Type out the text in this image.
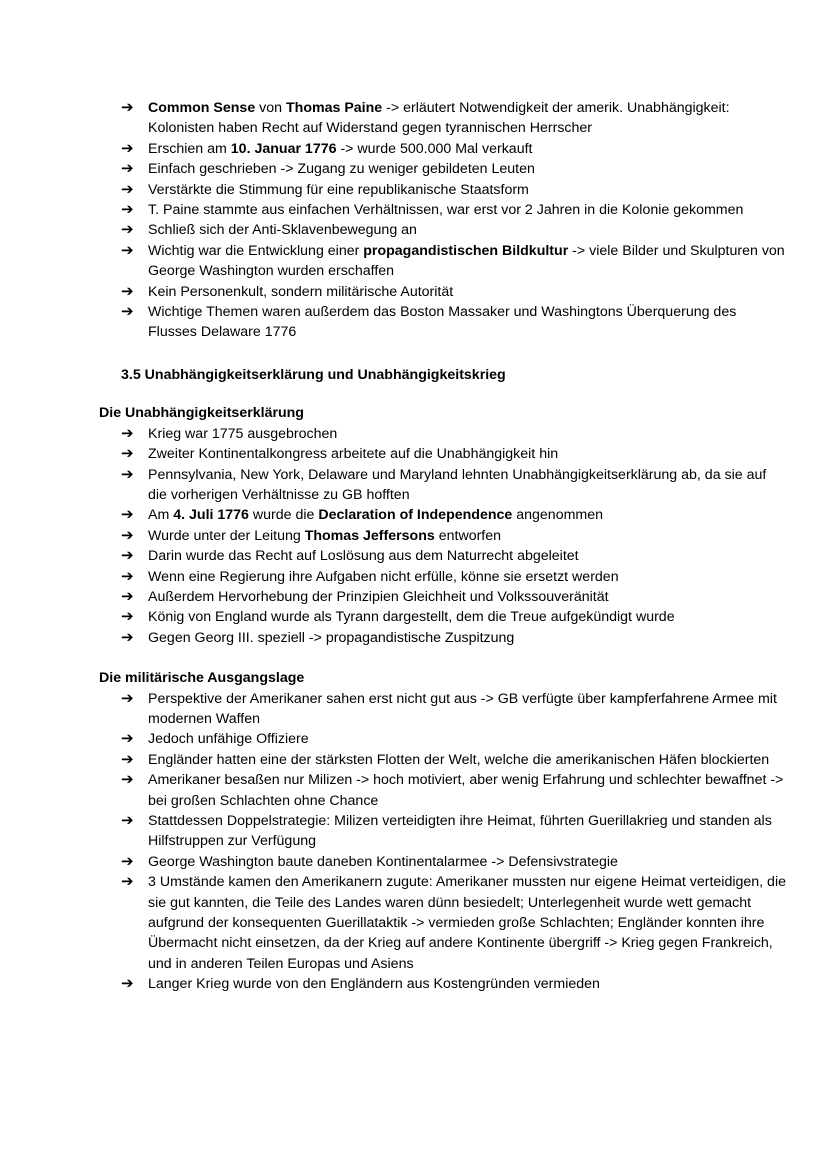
➔ Common Sense von Thomas Paine -> erläutert Notwendigkeit der amerik. Unabhängigkeit: Kolonisten haben Recht auf Widerstand gegen tyrannischen Herrscher
➔ Erschien am 10. Januar 1776 -> wurde 500.000 Mal verkauft
➔ Einfach geschrieben -> Zugang zu weniger gebildeten Leuten
➔ Verstärkte die Stimmung für eine republikanische Staatsform
➔ T. Paine stammte aus einfachen Verhältnissen, war erst vor 2 Jahren in die Kolonie gekommen
➔ Schließ sich der Anti-Sklavenbewegung an
➔ Wichtig war die Entwicklung einer propagandistischen Bildkultur -> viele Bilder und Skulpturen von George Washington wurden erschaffen
➔ Kein Personenkult, sondern militärische Autorität
➔ Wichtige Themen waren außerdem das Boston Massaker und Washingtons Überquerung des Flusses Delaware 1776
3.5 Unabhängigkeitserklärung und Unabhängigkeitskrieg
Die Unabhängigkeitserklärung
➔ Krieg war 1775 ausgebrochen
➔ Zweiter Kontinentalkongress arbeitete auf die Unabhängigkeit hin
➔ Pennsylvania, New York, Delaware und Maryland lehnten Unabhängigkeitserklärung ab, da sie auf die vorherigen Verhältnisse zu GB hofften
➔ Am 4. Juli 1776 wurde die Declaration of Independence angenommen
➔ Wurde unter der Leitung Thomas Jeffersons entworfen
➔ Darin wurde das Recht auf Loslösung aus dem Naturrecht abgeleitet
➔ Wenn eine Regierung ihre Aufgaben nicht erfülle, könne sie ersetzt werden
➔ Außerdem Hervorhebung der Prinzipien Gleichheit und Volkssouveränität
➔ König von England wurde als Tyrann dargestellt, dem die Treue aufgekündigt wurde
➔ Gegen Georg III. speziell -> propagandistische Zuspitzung
Die militärische Ausgangslage
➔ Perspektive der Amerikaner sahen erst nicht gut aus -> GB verfügte über kampferfahrene Armee mit modernen Waffen
➔ Jedoch unfähige Offiziere
➔ Engländer hatten eine der stärksten Flotten der Welt, welche die amerikanischen Häfen blockierten
➔ Amerikaner besaßen nur Milizen -> hoch motiviert, aber wenig Erfahrung und schlechter bewaffnet -> bei großen Schlachten ohne Chance
➔ Stattdessen Doppelstrategie: Milizen verteidigten ihre Heimat, führten Guerillakrieg und standen als Hilfstruppen zur Verfügung
➔ George Washington baute daneben Kontinentalarmee -> Defensivstrategie
➔ 3 Umstände kamen den Amerikanern zugute: Amerikaner mussten nur eigene Heimat verteidigen, die sie gut kannten, die Teile des Landes waren dünn besiedelt; Unterlegenheit wurde wett gemacht aufgrund der konsequenten Guerillataktik -> vermieden große Schlachten; Engländer konnten ihre Übermacht nicht einsetzen, da der Krieg auf andere Kontinente übergriff -> Krieg gegen Frankreich, und in anderen Teilen Europas und Asiens
➔ Langer Krieg wurde von den Engländern aus Kostengründen vermieden
